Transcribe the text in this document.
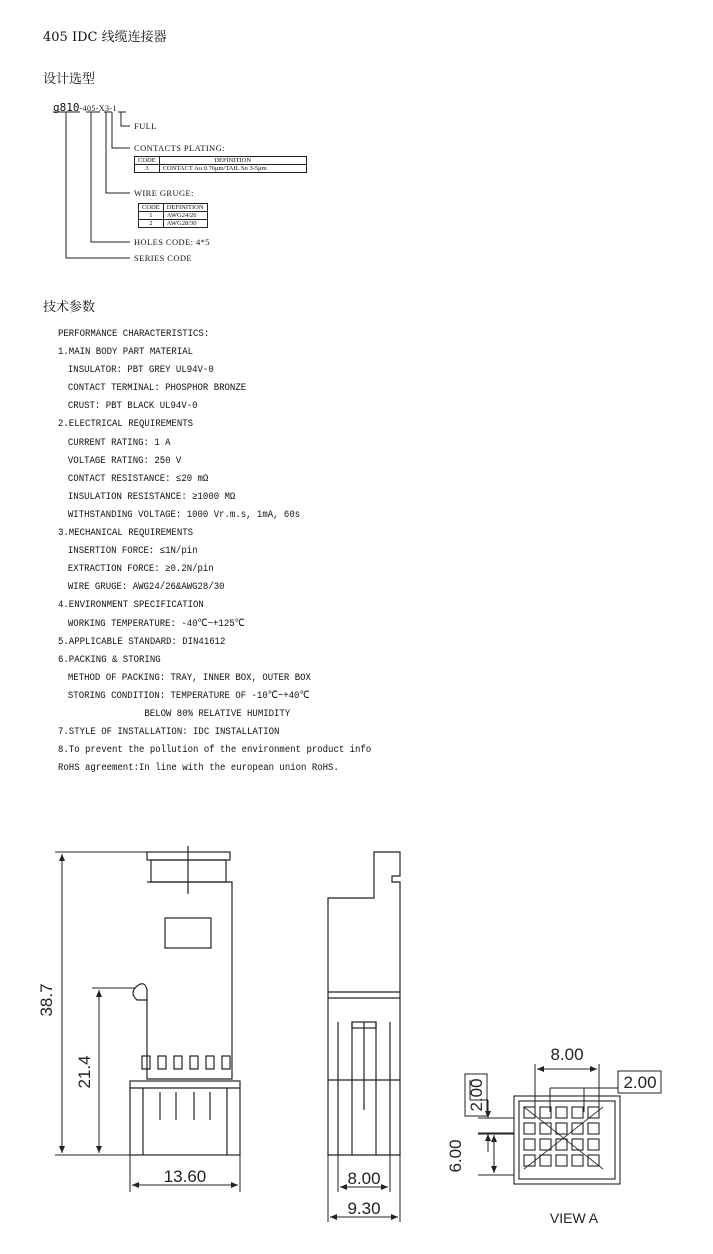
405 IDC 线缆连接器
设计选型
技术参数
g810-405-X3-1
FULL
CONTACTS PLATING:
CODE	DEFINITION
3	CONTACT Au 0.76μm/TAIL Sn 3-5μm
WIRE GRUGE:
CODE	DEFINITION
1	AWG24/26
2	AWG28/30
HOLES CODE: 4*5
SERIES CODE
PERFORMANCE CHARACTERISTICS:
1.MAIN BODY PART MATERIAL
INSULATOR: PBT GREY UL94V-0
CONTACT TERMINAL: PHOSPHOR BRONZE
CRUST: PBT BLACK UL94V-0
2.ELECTRICAL REQUIREMENTS
CURRENT RATING: 1 A
VOLTAGE RATING: 250 V
CONTACT RESISTANCE: ≤20 mΩ
INSULATION RESISTANCE: ≥1000 MΩ
WITHSTANDING VOLTAGE: 1000 Vr.m.s, 1mA, 60s
3.MECHANICAL REQUIREMENTS
INSERTION FORCE: ≤1N/pin
EXTRACTION FORCE: ≥0.2N/pin
WIRE GRUGE: AWG24/26&AWG28/30
4.ENVIRONMENT SPECIFICATION
WORKING TEMPERATURE: -40℃~+125℃
5.APPLICABLE STANDARD: DIN41612
6.PACKING & STORING
METHOD OF PACKING: TRAY, INNER BOX, OUTER BOX
STORING CONDITION: TEMPERATURE OF -10℃~+40℃
BELOW 80% RELATIVE HUMIDITY
7.STYLE OF INSTALLATION: IDC INSTALLATION
8.To prevent the pollution of the environment product info
RoHS agreement:In line with the european union RoHS.
38.7
21.4
13.60	8.00
9.30
8.00
2.00
2.00
6.00
VIEW A
